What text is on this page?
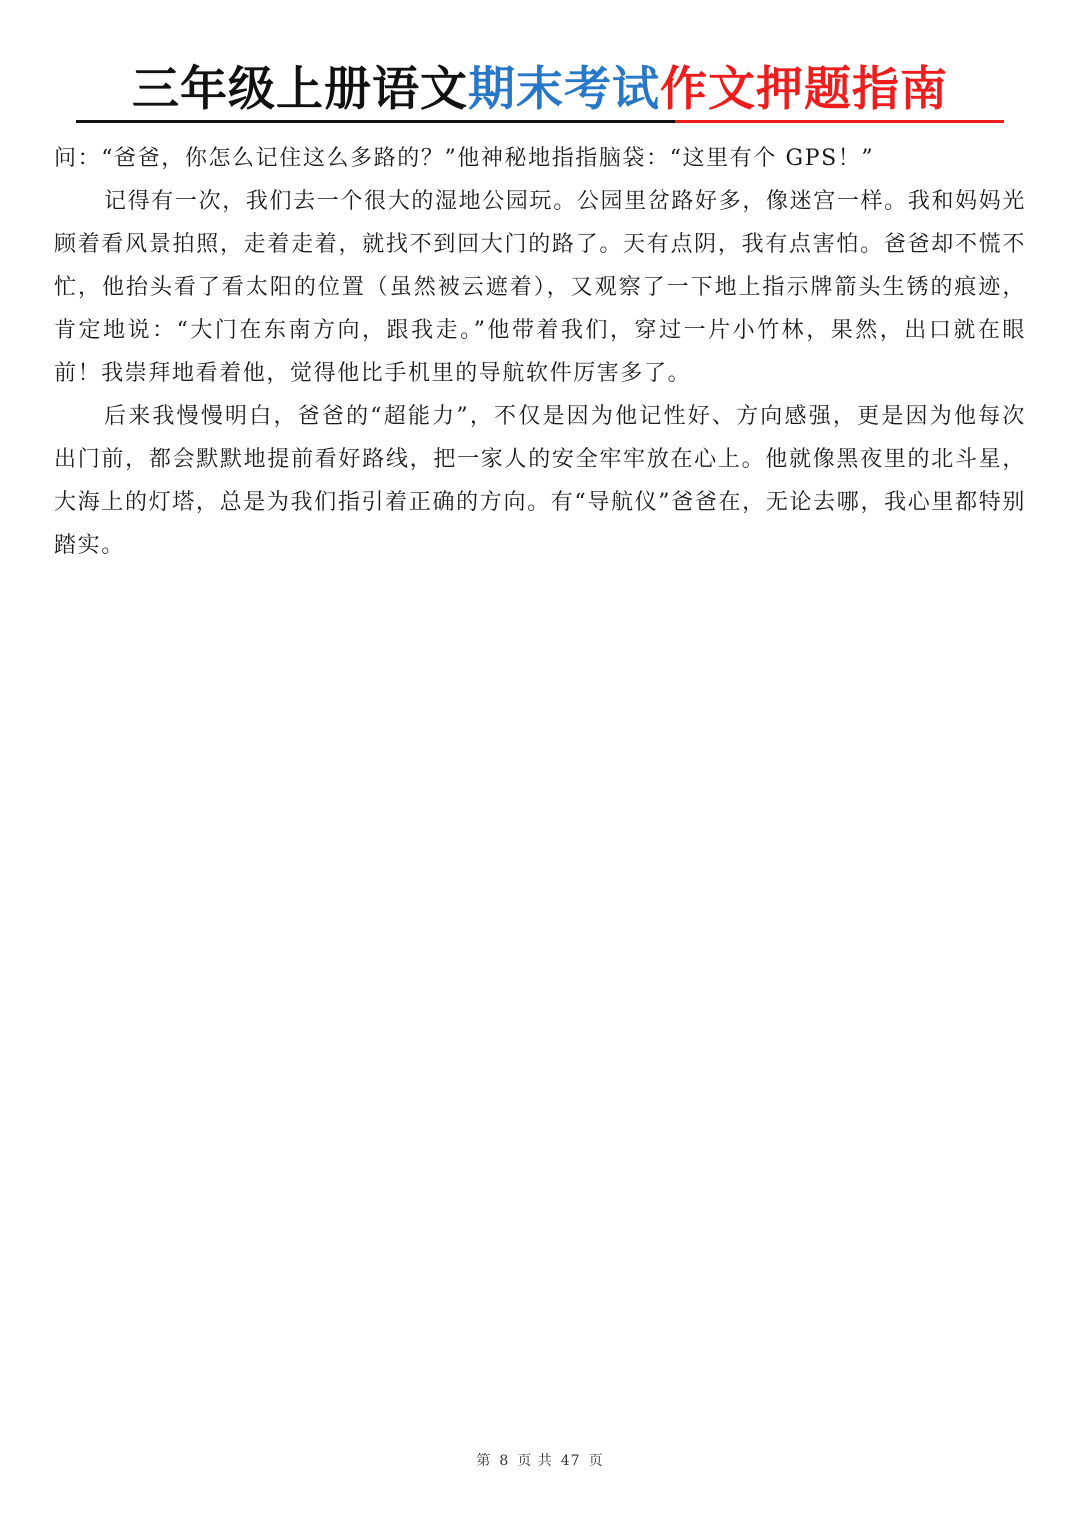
三年级上册语文期末考试作文押题指南

问：“爸爸，你怎么记住这么多路的？”他神秘地指指脑袋：“这里有个 GPS！”

记得有一次，我们去一个很大的湿地公园玩。公园里岔路好多，像迷宫一样。我和妈妈光顾着看风景拍照，走着走着，就找不到回大门的路了。天有点阴，我有点害怕。爸爸却不慌不忙，他抬头看了看太阳的位置（虽然被云遮着），又观察了一下地上指示牌箭头生锈的痕迹，肯定地说：“大门在东南方向，跟我走。”他带着我们，穿过一片小竹林，果然，出口就在眼前！我崇拜地看着他，觉得他比手机里的导航软件厉害多了。

后来我慢慢明白，爸爸的“超能力”，不仅是因为他记性好、方向感强，更是因为他每次出门前，都会默默地提前看好路线，把一家人的安全牢牢放在心上。他就像黑夜里的北斗星，大海上的灯塔，总是为我们指引着正确的方向。有“导航仪”爸爸在，无论去哪，我心里都特别踏实。

第 8 页 共 47 页
